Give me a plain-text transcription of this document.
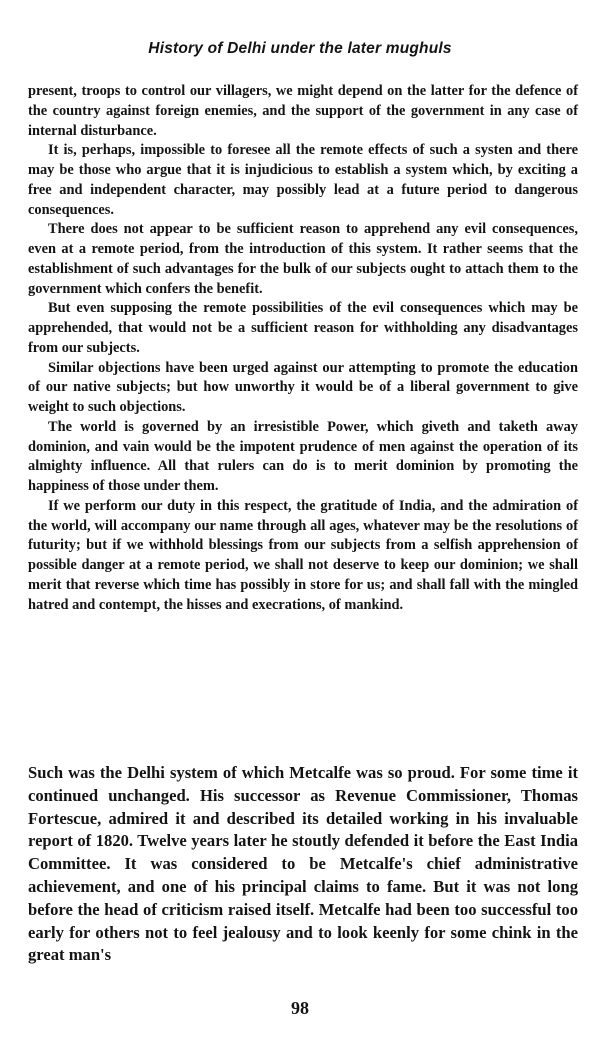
History of Delhi under the later mughuls

present, troops to control our villagers, we might depend on the latter for the defence of the country against foreign enemies, and the support of the government in any case of internal disturbance.

It is, perhaps, impossible to foresee all the remote effects of such a systen and there may be those who argue that it is injudicious to establish a system which, by exciting a free and independent character, may possibly lead at a future period to dangerous consequences.

There does not appear to be sufficient reason to apprehend any evil consequences, even at a remote period, from the introduction of this system. It rather seems that the establishment of such advantages for the bulk of our subjects ought to attach them to the government which confers the benefit.

But even supposing the remote possibilities of the evil consequences which may be apprehended, that would not be a sufficient reason for withholding any disadvantages from our subjects.

Similar objections have been urged against our attempting to promote the education of our native subjects; but how unworthy it would be of a liberal government to give weight to such objections.

The world is governed by an irresistible Power, which giveth and taketh away dominion, and vain would be the impotent prudence of men against the operation of its almighty influence. All that rulers can do is to merit dominion by promoting the happiness of those under them.

If we perform our duty in this respect, the gratitude of India, and the admiration of the world, will accompany our name through all ages, whatever may be the resolutions of futurity; but if we withhold blessings from our subjects from a selfish apprehension of possible danger at a remote period, we shall not deserve to keep our dominion; we shall merit that reverse which time has possibly in store for us; and shall fall with the mingled hatred and contempt, the hisses and execrations, of mankind.

Such was the Delhi system of which Metcalfe was so proud. For some time it continued unchanged. His successor as Revenue Commissioner, Thomas Fortescue, admired it and described its detailed working in his invaluable report of 1820. Twelve years later he stoutly defended it before the East India Committee. It was considered to be Metcalfe's chief administrative achievement, and one of his principal claims to fame. But it was not long before the head of criticism raised itself. Metcalfe had been too successful too early for others not to feel jealousy and to look keenly for some chink in the great man's

98
